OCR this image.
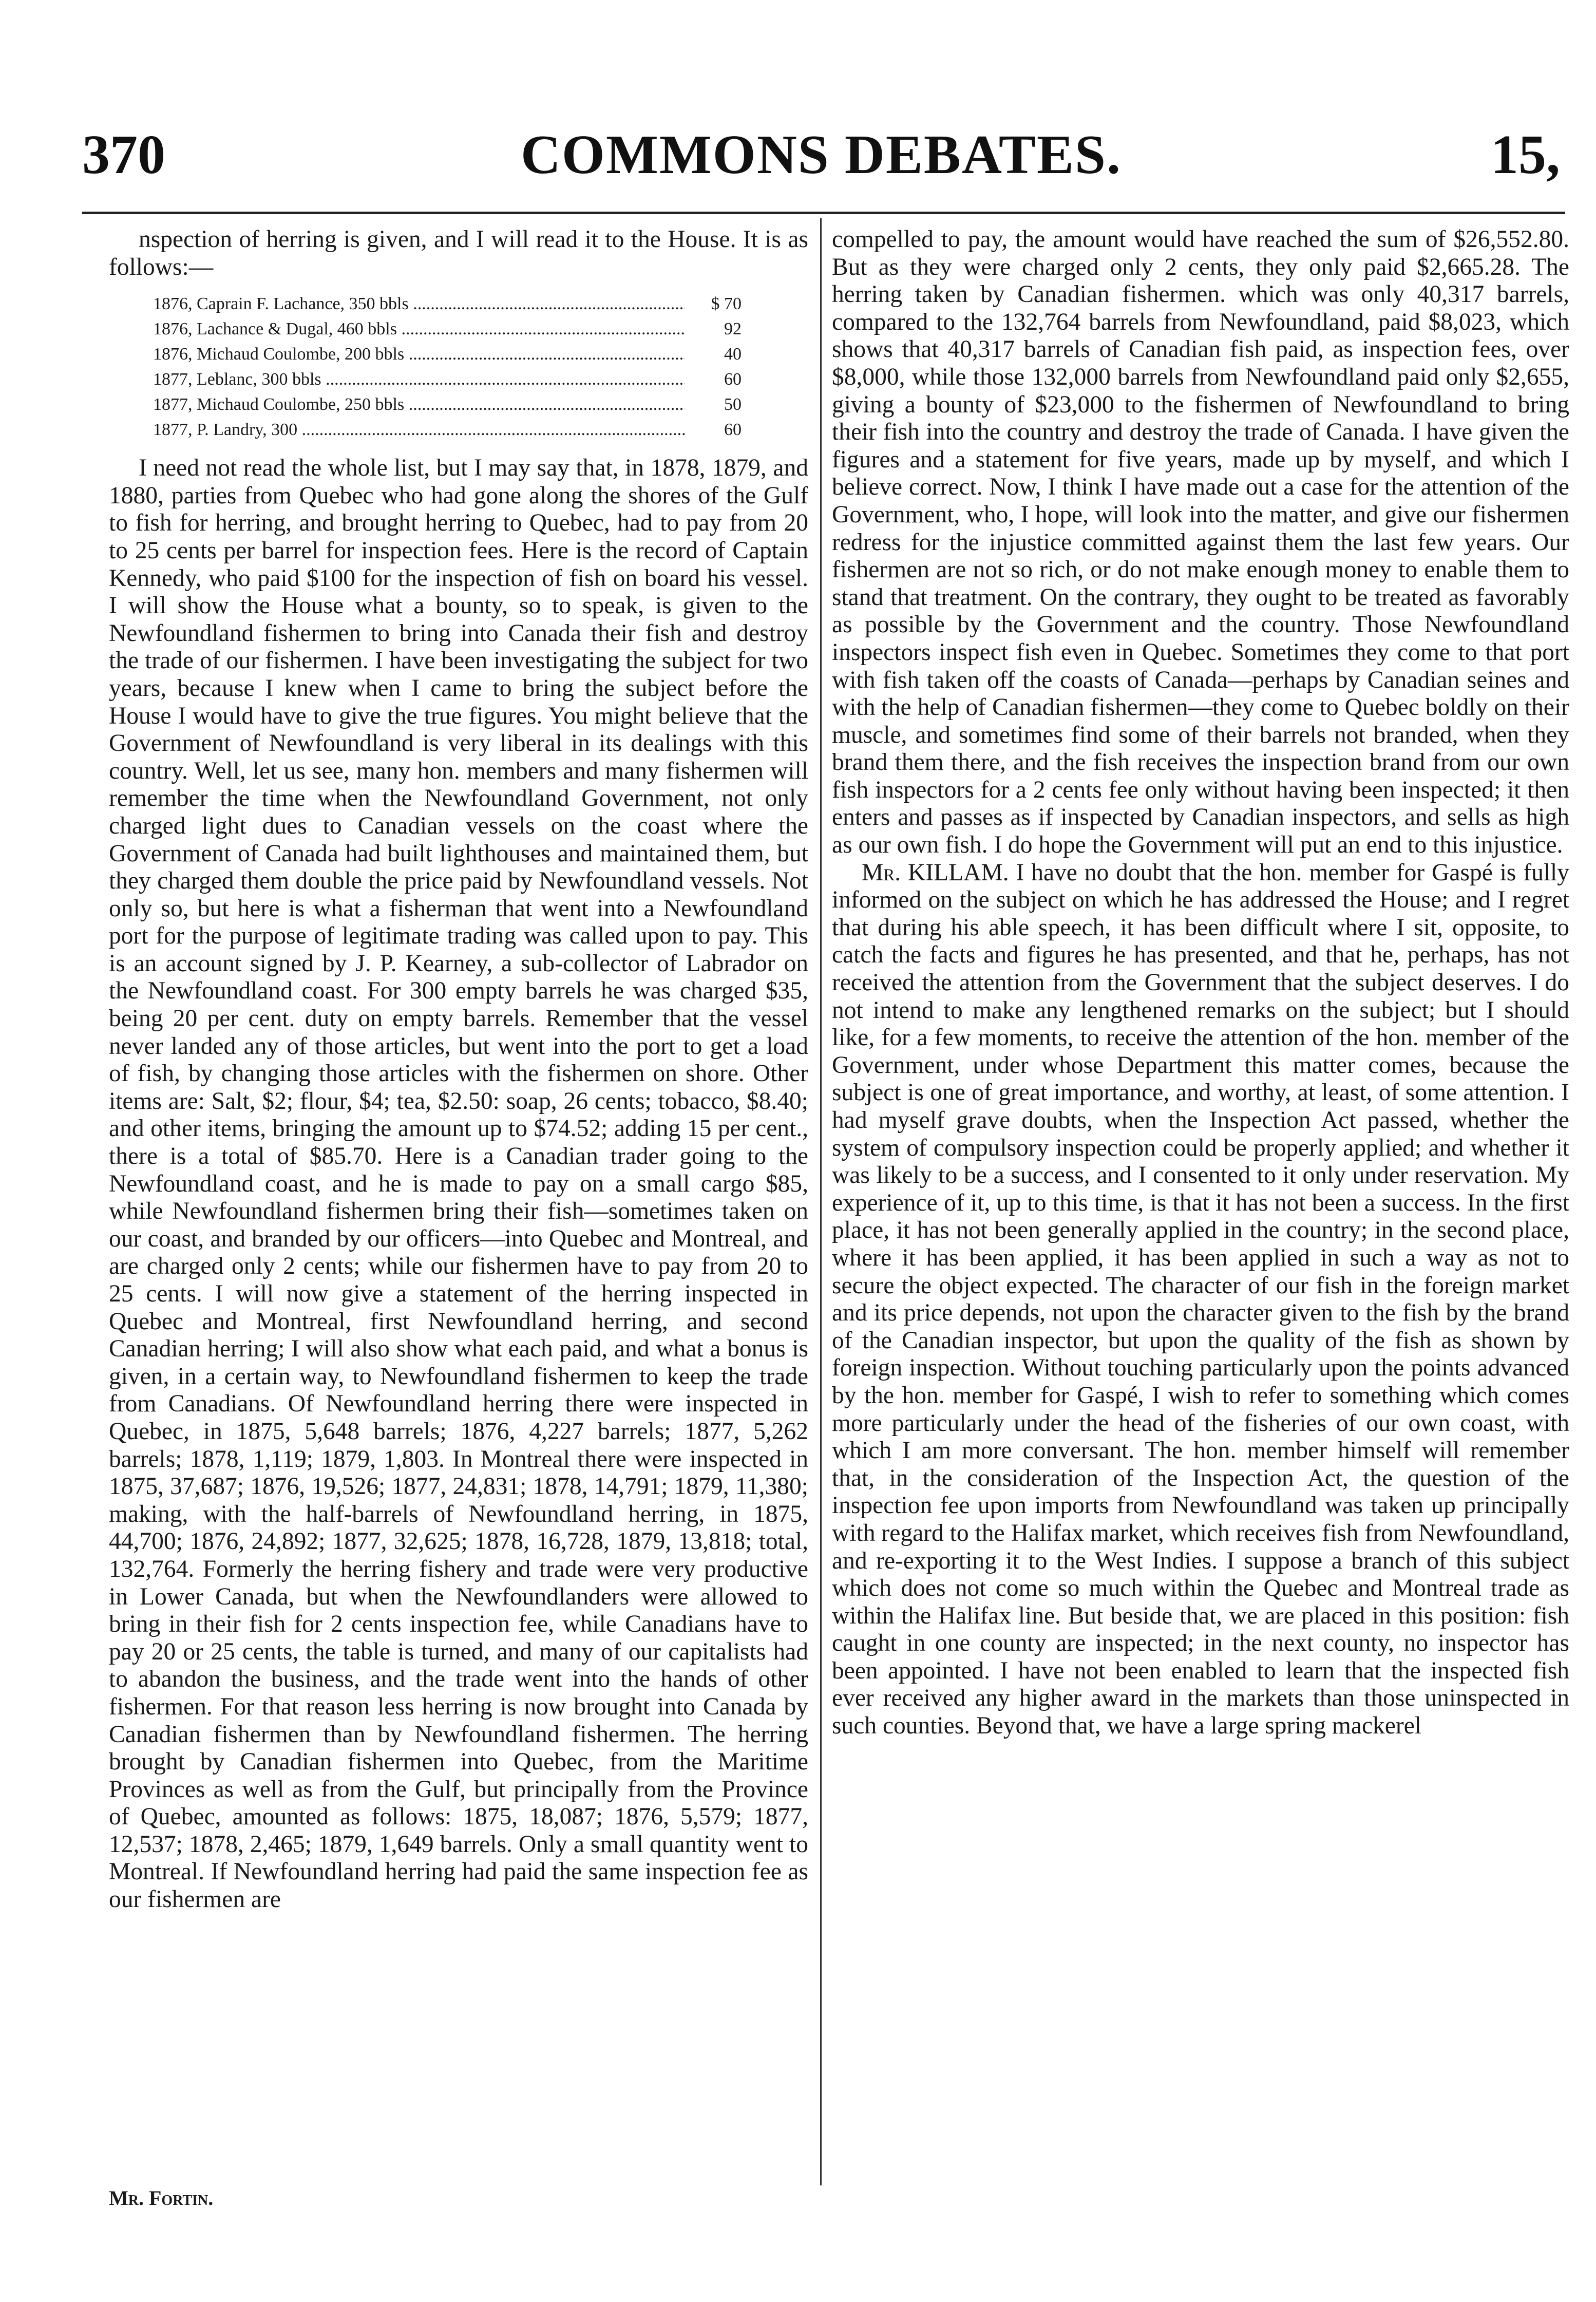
370	COMMONS DEBATES.	15,

nspection of herring is given, and I will read it to the House. It is as follows:—

1876, Caprain F. Lachance, 350 bbls .....	$ 70
1876, Lachance & Dugal, 460 bbls .....	92
1876, Michaud Coulombe, 200 bbls .....	40
1877, Leblanc, 300 bbls .....	60
1877, Michaud Coulombe, 250 bbls .....	50
1877, P. Landry, 300 .....	60

I need not read the whole list, but I may say that, in 1878, 1879, and 1880, parties from Quebec who had gone along the shores of the Gulf to fish for herring, and brought herring to Quebec, had to pay from 20 to 25 cents per barrel for inspection fees. Here is the record of Captain Kennedy, who paid $100 for the inspection of fish on board his vessel. I will show the House what a bounty, so to speak, is given to the Newfoundland fishermen to bring into Canada their fish and destroy the trade of our fishermen. I have been investigating the subject for two years, because I knew when I came to bring the subject before the House I would have to give the true figures. You might believe that the Government of Newfoundland is very liberal in its dealings with this country. Well, let us see, many hon. members and many fishermen will remember the time when the Newfoundland Government, not only charged light dues to Canadian vessels on the coast where the Government of Canada had built lighthouses and maintained them, but they charged them double the price paid by Newfoundland vessels. Not only so, but here is what a fisherman that went into a Newfoundland port for the purpose of legitimate trading was called upon to pay. This is an account signed by J. P. Kearney, a sub-collector of Labrador on the Newfoundland coast. For 300 empty barrels he was charged $35, being 20 per cent. duty on empty barrels. Remember that the vessel never landed any of those articles, but went into the port to get a load of fish, by changing those articles with the fishermen on shore. Other items are: Salt, $2; flour, $4; tea, $2.50: soap, 26 cents; tobacco, $8.40; and other items, bringing the amount up to $74.52; adding 15 per cent., there is a total of $85.70. Here is a Canadian trader going to the Newfoundland coast, and he is made to pay on a small cargo $85, while Newfoundland fishermen bring their fish—sometimes taken on our coast, and branded by our officers—into Quebec and Montreal, and are charged only 2 cents; while our fishermen have to pay from 20 to 25 cents. I will now give a statement of the herring inspected in Quebec and Montreal, first Newfoundland herring, and second Canadian herring; I will also show what each paid, and what a bonus is given, in a certain way, to Newfoundland fishermen to keep the trade from Canadians. Of Newfoundland herring there were inspected in Quebec, in 1875, 5,648 barrels; 1876, 4,227 barrels; 1877, 5,262 barrels; 1878, 1,119; 1879, 1,803. In Montreal there were inspected in 1875, 37,687; 1876, 19,526; 1877, 24,831; 1878, 14,791; 1879, 11,380; making, with the half-barrels of Newfoundland herring, in 1875, 44,700; 1876, 24,892; 1877, 32,625; 1878, 16,728, 1879, 13,818; total, 132,764. Formerly the herring fishery and trade were very productive in Lower Canada, but when the Newfoundlanders were allowed to bring in their fish for 2 cents inspection fee, while Canadians have to pay 20 or 25 cents, the table is turned, and many of our capitalists had to abandon the business, and the trade went into the hands of other fishermen. For that reason less herring is now brought into Canada by Canadian fishermen than by Newfoundland fishermen. The herring brought by Canadian fishermen into Quebec, from the Maritime Provinces as well as from the Gulf, but principally from the Province of Quebec, amounted as follows: 1875, 18,087; 1876, 5,579; 1877, 12,537; 1878, 2,465; 1879, 1,649 barrels. Only a small quantity went to Montreal. If Newfoundland herring had paid the same inspection fee as our fishermen are

compelled to pay, the amount would have reached the sum of $26,552.80. But as they were charged only 2 cents, they only paid $2,665.28. The herring taken by Canadian fishermen. which was only 40,317 barrels, compared to the 132,764 barrels from Newfoundland, paid $8,023, which shows that 40,317 barrels of Canadian fish paid, as inspection fees, over $8,000, while those 132,000 barrels from Newfoundland paid only $2,655, giving a bounty of $23,000 to the fishermen of Newfoundland to bring their fish into the country and destroy the trade of Canada. I have given the figures and a statement for five years, made up by myself, and which I believe correct. Now, I think I have made out a case for the attention of the Government, who, I hope, will look into the matter, and give our fishermen redress for the injustice committed against them the last few years. Our fishermen are not so rich, or do not make enough money to enable them to stand that treatment. On the contrary, they ought to be treated as favorably as possible by the Government and the country. Those Newfoundland inspectors inspect fish even in Quebec. Sometimes they come to that port with fish taken off the coasts of Canada—perhaps by Canadian seines and with the help of Canadian fishermen—they come to Quebec boldly on their muscle, and sometimes find some of their barrels not branded, when they brand them there, and the fish receives the inspection brand from our own fish inspectors for a 2 cents fee only without having been inspected; it then enters and passes as if inspected by Canadian inspectors, and sells as high as our own fish. I do hope the Government will put an end to this injustice.

Mr. KILLAM. I have no doubt that the hon. member for Gaspé is fully informed on the subject on which he has addressed the House; and I regret that during his able speech, it has been difficult where I sit, opposite, to catch the facts and figures he has presented, and that he, perhaps, has not received the attention from the Government that the subject deserves. I do not intend to make any lengthened remarks on the subject; but I should like, for a few moments, to receive the attention of the hon. member of the Government, under whose Department this matter comes, because the subject is one of great importance, and worthy, at least, of some attention. I had myself grave doubts, when the Inspection Act passed, whether the system of compulsory inspection could be properly applied; and whether it was likely to be a success, and I consented to it only under reservation. My experience of it, up to this time, is that it has not been a success. In the first place, it has not been generally applied in the country; in the second place, where it has been applied, it has been applied in such a way as not to secure the object expected. The character of our fish in the foreign market and its price depends, not upon the character given to the fish by the brand of the Canadian inspector, but upon the quality of the fish as shown by foreign inspection. Without touching particularly upon the points advanced by the hon. member for Gaspé, I wish to refer to something which comes more particularly under the head of the fisheries of our own coast, with which I am more conversant. The hon. member himself will remember that, in the consideration of the Inspection Act, the question of the inspection fee upon imports from Newfoundland was taken up principally with regard to the Halifax market, which receives fish from Newfoundland, and re-exporting it to the West Indies. I suppose a branch of this subject which does not come so much within the Quebec and Montreal trade as within the Halifax line. But beside that, we are placed in this position: fish caught in one county are inspected; in the next county, no inspector has been appointed. I have not been enabled to learn that the inspected fish ever received any higher award in the markets than those uninspected in such counties. Beyond that, we have a large spring mackerel

Mr. Fortin.
